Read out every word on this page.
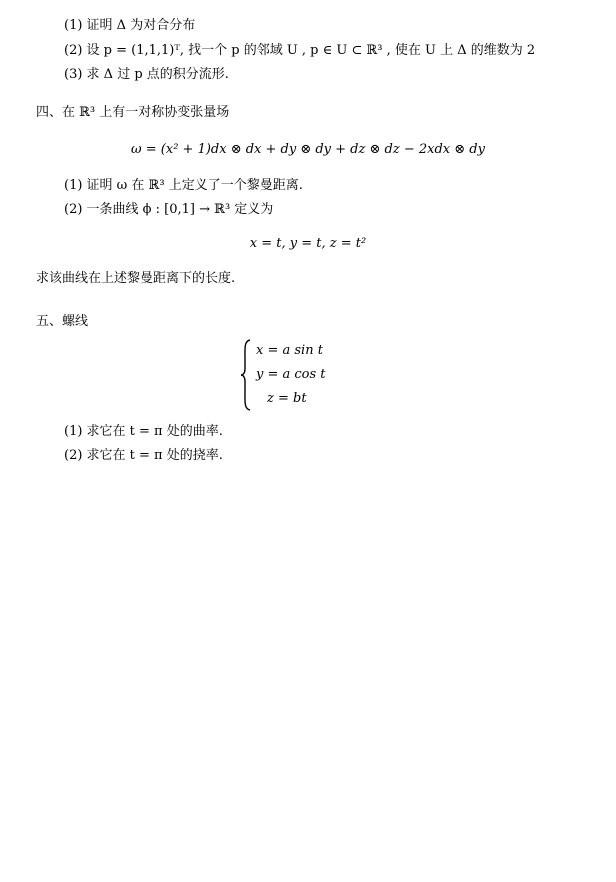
(1) 证明 Δ 为对合分布
(2) 设 p = (1,1,1)ᵀ, 找一个 p 的邻域 U , p ∈ U ⊂ ℝ³ , 使在 U 上 Δ 的维数为 2
(3) 求 Δ 过 p 点的积分流形.
四、在 ℝ³ 上有一对称协变张量场
ω = (x² + 1)dx ⊗ dx + dy ⊗ dy + dz ⊗ dz − 2xdx ⊗ dy
(1) 证明 ω 在 ℝ³ 上定义了一个黎曼距离.
(2) 一条曲线 ϕ : [0,1] → ℝ³ 定义为
x = t, y = t, z = t²
求该曲线在上述黎曼距离下的长度.
五、螺线
x = a sin t
y = a cos t
z = bt
(1) 求它在 t = π 处的曲率.
(2) 求它在 t = π 处的挠率.
